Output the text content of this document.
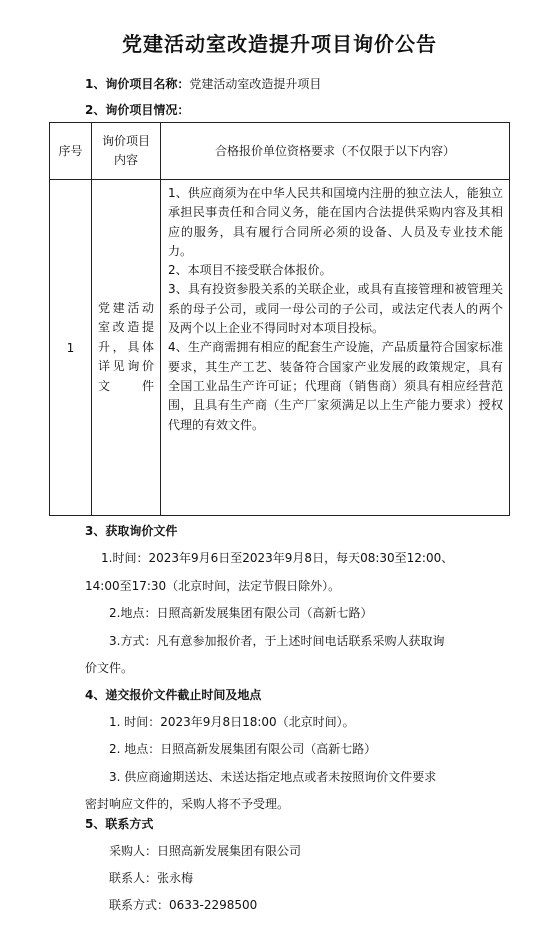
党建活动室改造提升项目询价公告
1、询价项目名称：党建活动室改造提升项目
2、询价项目情况：
序号	询价项目内容	合格报价单位资格要求（不仅限于以下内容）
1	党建活动室改造提升，具体详见询价文件	1、供应商须为在中华人民共和国境内注册的独立法人，能独立承担民事责任和合同义务，能在国内合法提供采购内容及其相应的服务，具有履行合同所必须的设备、人员及专业技术能力。

2、本项目不接受联合体报价。

3、具有投资参股关系的关联企业，或具有直接管理和被管理关系的母子公司，或同一母公司的子公司，或法定代表人的两个及两个以上企业不得同时对本项目投标。

4、生产商需拥有相应的配套生产设施，产品质量符合国家标准要求，其生产工艺、装备符合国家产业发展的政策规定，具有全国工业品生产许可证；代理商（销售商）须具有相应经营范围，且具有生产商（生产厂家须满足以上生产能力要求）授权代理的有效文件。

3、获取询价文件
1.时间：2023年9月6日至2023年9月8日，每天08:30至12:00、
14:00至17:30（北京时间，法定节假日除外）。
2.地点：日照高新发展集团有限公司（高新七路）
3.方式：凡有意参加报价者，于上述时间电话联系采购人获取询
价文件。
4、递交报价文件截止时间及地点
1. 时间：2023年9月8日18:00（北京时间）。
2. 地点：日照高新发展集团有限公司（高新七路）
3. 供应商逾期送达、未送达指定地点或者未按照询价文件要求
密封响应文件的，采购人将不予受理。
5、联系方式
采购人：日照高新发展集团有限公司
联系人：张永梅
联系方式：0633-2298500
